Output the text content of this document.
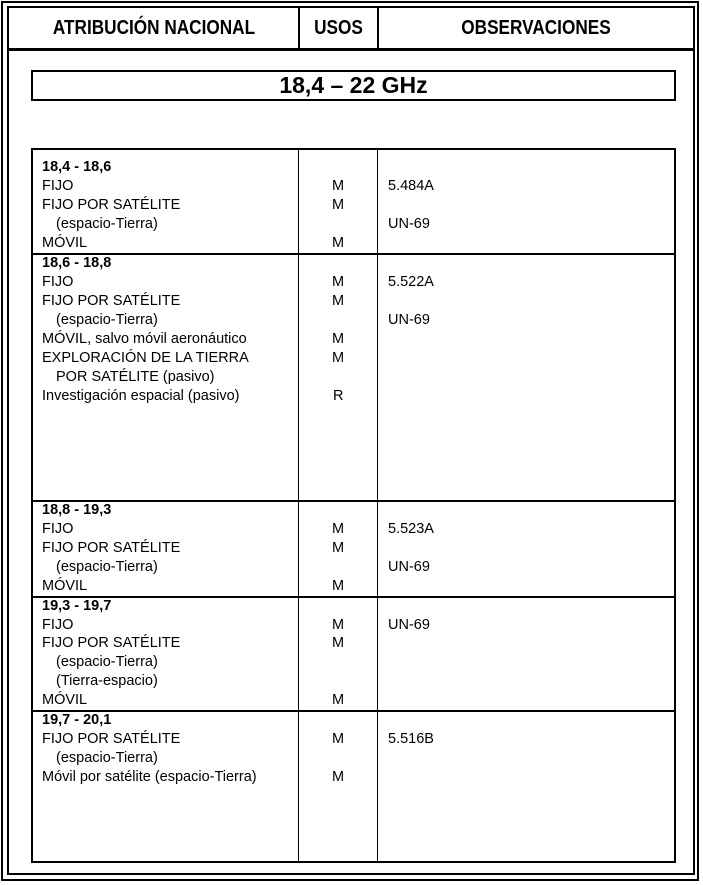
ATRIBUCIÓN NACIONAL	USOS	OBSERVACIONES
18,4 – 22 GHz
18,4 - 18,6
FIJO
FIJO POR SATÉLITE
(espacio-Tierra)
MÓVIL
M
M
M
5.484A
UN-69
18,6 - 18,8
FIJO
FIJO POR SATÉLITE
(espacio-Tierra)
MÓVIL, salvo móvil aeronáutico
EXPLORACIÓN DE LA TIERRA
POR SATÉLITE (pasivo)
Investigación espacial (pasivo)
M
M
M
M
R
5.522A
UN-69
18,8 - 19,3
FIJO
FIJO POR SATÉLITE
(espacio-Tierra)
MÓVIL
M
M
M
5.523A
UN-69
19,3 - 19,7
FIJO
FIJO POR SATÉLITE
(espacio-Tierra)
(Tierra-espacio)
MÓVIL
M
M
M
UN-69
19,7 - 20,1
FIJO POR SATÉLITE
(espacio-Tierra)
Móvil por satélite (espacio-Tierra)
M
M
5.516B
